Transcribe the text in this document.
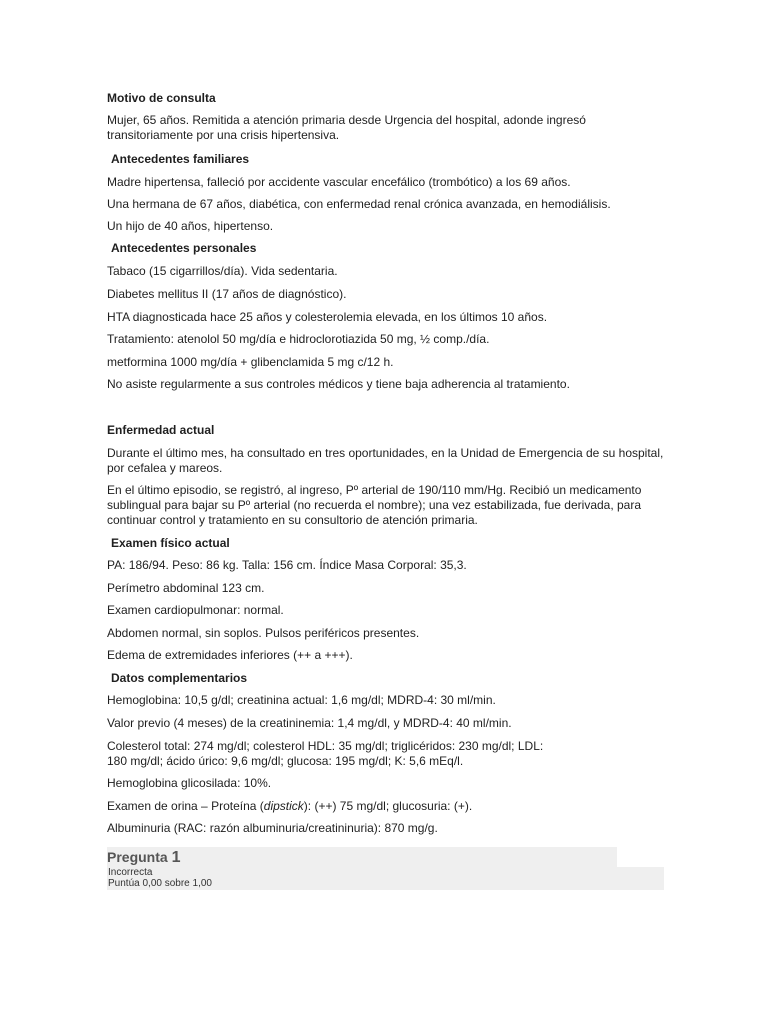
Motivo de consulta
Mujer, 65 años. Remitida a atención primaria desde Urgencia del hospital, adonde ingresó transitoriamente por una crisis hipertensiva.
Antecedentes familiares
Madre hipertensa, falleció por accidente vascular encefálico (trombótico) a los 69 años.
Una hermana de 67 años, diabética, con enfermedad renal crónica avanzada, en hemodiálisis.
Un hijo de 40 años, hipertenso.
Antecedentes personales
Tabaco (15 cigarrillos/día). Vida sedentaria.
Diabetes mellitus II (17 años de diagnóstico).
HTA diagnosticada hace 25 años y colesterolemia elevada, en los últimos 10 años.
Tratamiento: atenolol 50 mg/día e hidroclorotiazida 50 mg, ½ comp./día.
metformina 1000 mg/día + glibenclamida 5 mg c/12 h.
No asiste regularmente a sus controles médicos y tiene baja adherencia al tratamiento.
Enfermedad actual
Durante el último mes, ha consultado en tres oportunidades, en la Unidad de Emergencia de su hospital, por cefalea y mareos.
En el último episodio, se registró, al ingreso, Pº arterial de 190/110 mm/Hg. Recibió un medicamento sublingual para bajar su Pº arterial (no recuerda el nombre); una vez estabilizada, fue derivada, para continuar control y tratamiento en su consultorio de atención primaria.
Examen físico actual
PA: 186/94. Peso: 86 kg. Talla: 156 cm. Índice Masa Corporal: 35,3.
Perímetro abdominal 123 cm.
Examen cardiopulmonar: normal.
Abdomen normal, sin soplos. Pulsos periféricos presentes.
Edema de extremidades inferiores (++ a +++).
Datos complementarios
Hemoglobina: 10,5 g/dl; creatinina actual: 1,6 mg/dl; MDRD-4: 30 ml/min.
Valor previo (4 meses) de la creatininemia: 1,4 mg/dl, y MDRD-4: 40 ml/min.
Colesterol total: 274 mg/dl; colesterol HDL: 35 mg/dl; triglicéridos: 230 mg/dl; LDL: 180 mg/dl; ácido úrico: 9,6 mg/dl; glucosa: 195 mg/dl; K: 5,6 mEq/l.
Hemoglobina glicosilada: 10%.
Examen de orina – Proteína (dipstick): (++) 75 mg/dl; glucosuria: (+).
Albuminuria (RAC: razón albuminuria/creatininuria): 870 mg/g.
Pregunta 1
Incorrecta
Puntúa 0,00 sobre 1,00
